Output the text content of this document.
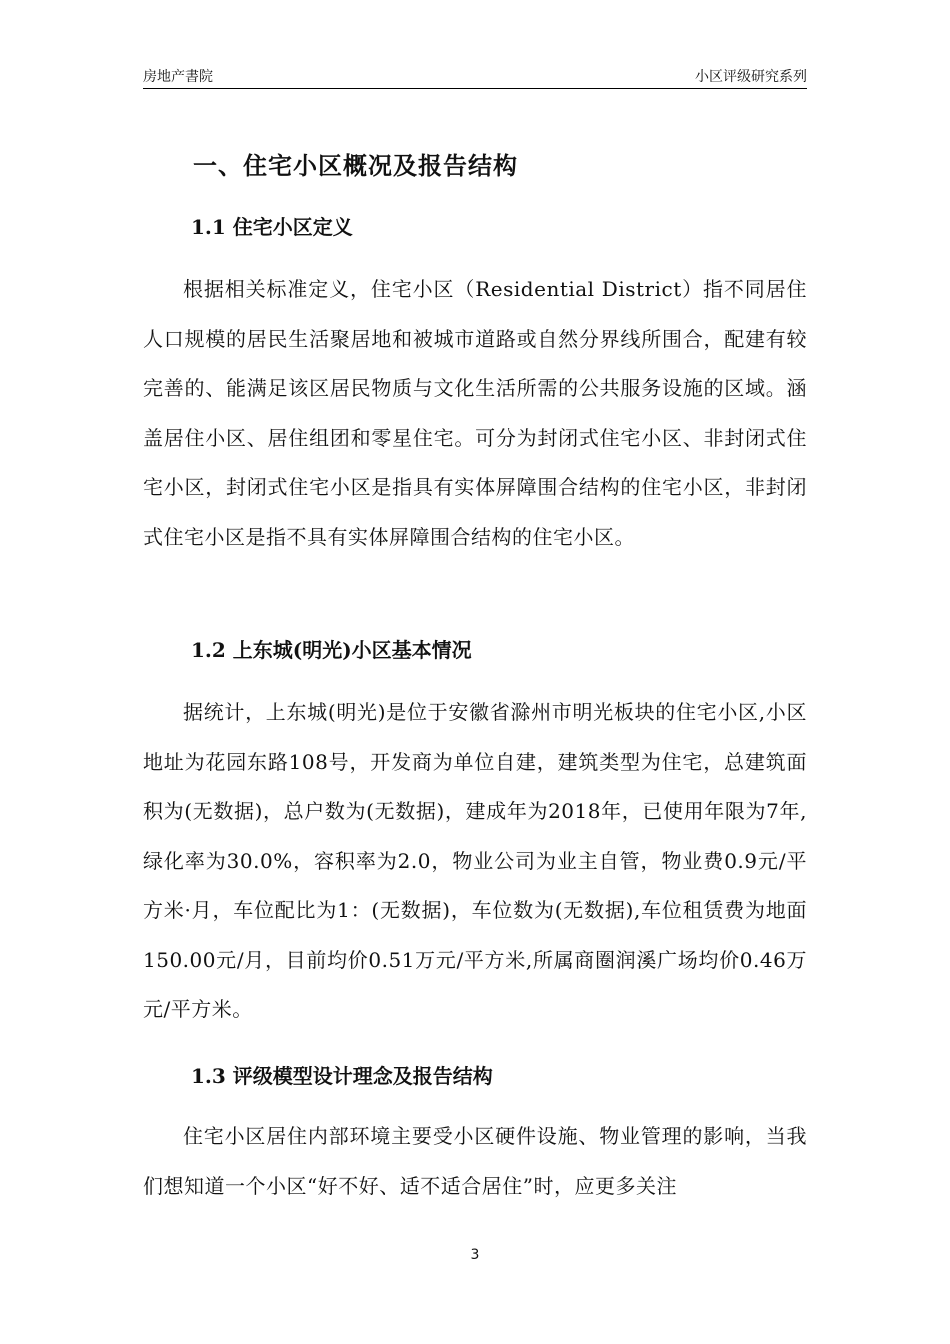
房地产書院	小区评级研究系列
一、住宅小区概况及报告结构
1.1 住宅小区定义
根据相关标准定义，住宅小区（Residential District）指不同居住人口规模的居民生活聚居地和被城市道路或自然分界线所围合，配建有较完善的、能满足该区居民物质与文化生活所需的公共服务设施的区域。涵盖居住小区、居住组团和零星住宅。可分为封闭式住宅小区、非封闭式住宅小区，封闭式住宅小区是指具有实体屏障围合结构的住宅小区，非封闭式住宅小区是指不具有实体屏障围合结构的住宅小区。
1.2 上东城(明光)小区基本情况
据统计，上东城(明光)是位于安徽省滁州市明光板块的住宅小区,小区地址为花园东路108号，开发商为单位自建，建筑类型为住宅，总建筑面积为(无数据)，总户数为(无数据)，建成年为2018年，已使用年限为7年,绿化率为30.0%，容积率为2.0，物业公司为业主自管，物业费0.9元/平方米·月，车位配比为1：(无数据)，车位数为(无数据),车位租赁费为地面150.00元/月，目前均价0.51万元/平方米,所属商圈润溪广场均价0.46万元/平方米。
1.3 评级模型设计理念及报告结构
住宅小区居住内部环境主要受小区硬件设施、物业管理的影响，当我们想知道一个小区“好不好、适不适合居住”时，应更多关注
3
